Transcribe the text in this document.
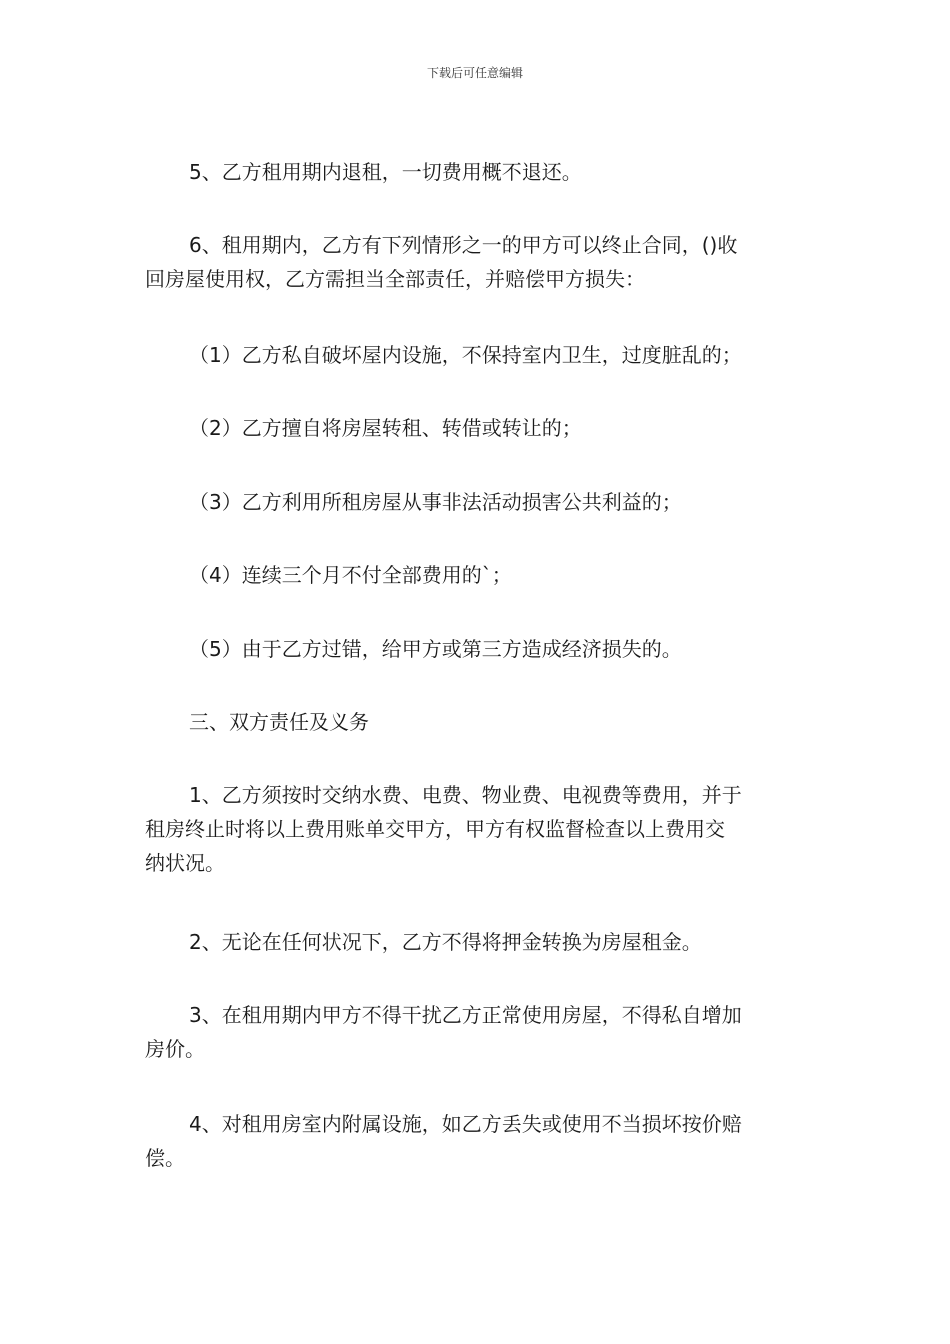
下载后可任意编辑
5、乙方租用期内退租，一切费用概不退还。
6、租用期内，乙方有下列情形之一的甲方可以终止合同，()收
回房屋使用权，乙方需担当全部责任，并赔偿甲方损失：
（1）乙方私自破坏屋内设施，不保持室内卫生，过度脏乱的；
（2）乙方擅自将房屋转租、转借或转让的；
（3）乙方利用所租房屋从事非法活动损害公共利益的；
（4）连续三个月不付全部费用的`；
（5）由于乙方过错，给甲方或第三方造成经济损失的。
三、双方责任及义务
1、乙方须按时交纳水费、电费、物业费、电视费等费用，并于
租房终止时将以上费用账单交甲方，甲方有权监督检查以上费用交
纳状况。
2、无论在任何状况下，乙方不得将押金转换为房屋租金。
3、在租用期内甲方不得干扰乙方正常使用房屋，不得私自增加
房价。
4、对租用房室内附属设施，如乙方丢失或使用不当损坏按价赔
偿。
